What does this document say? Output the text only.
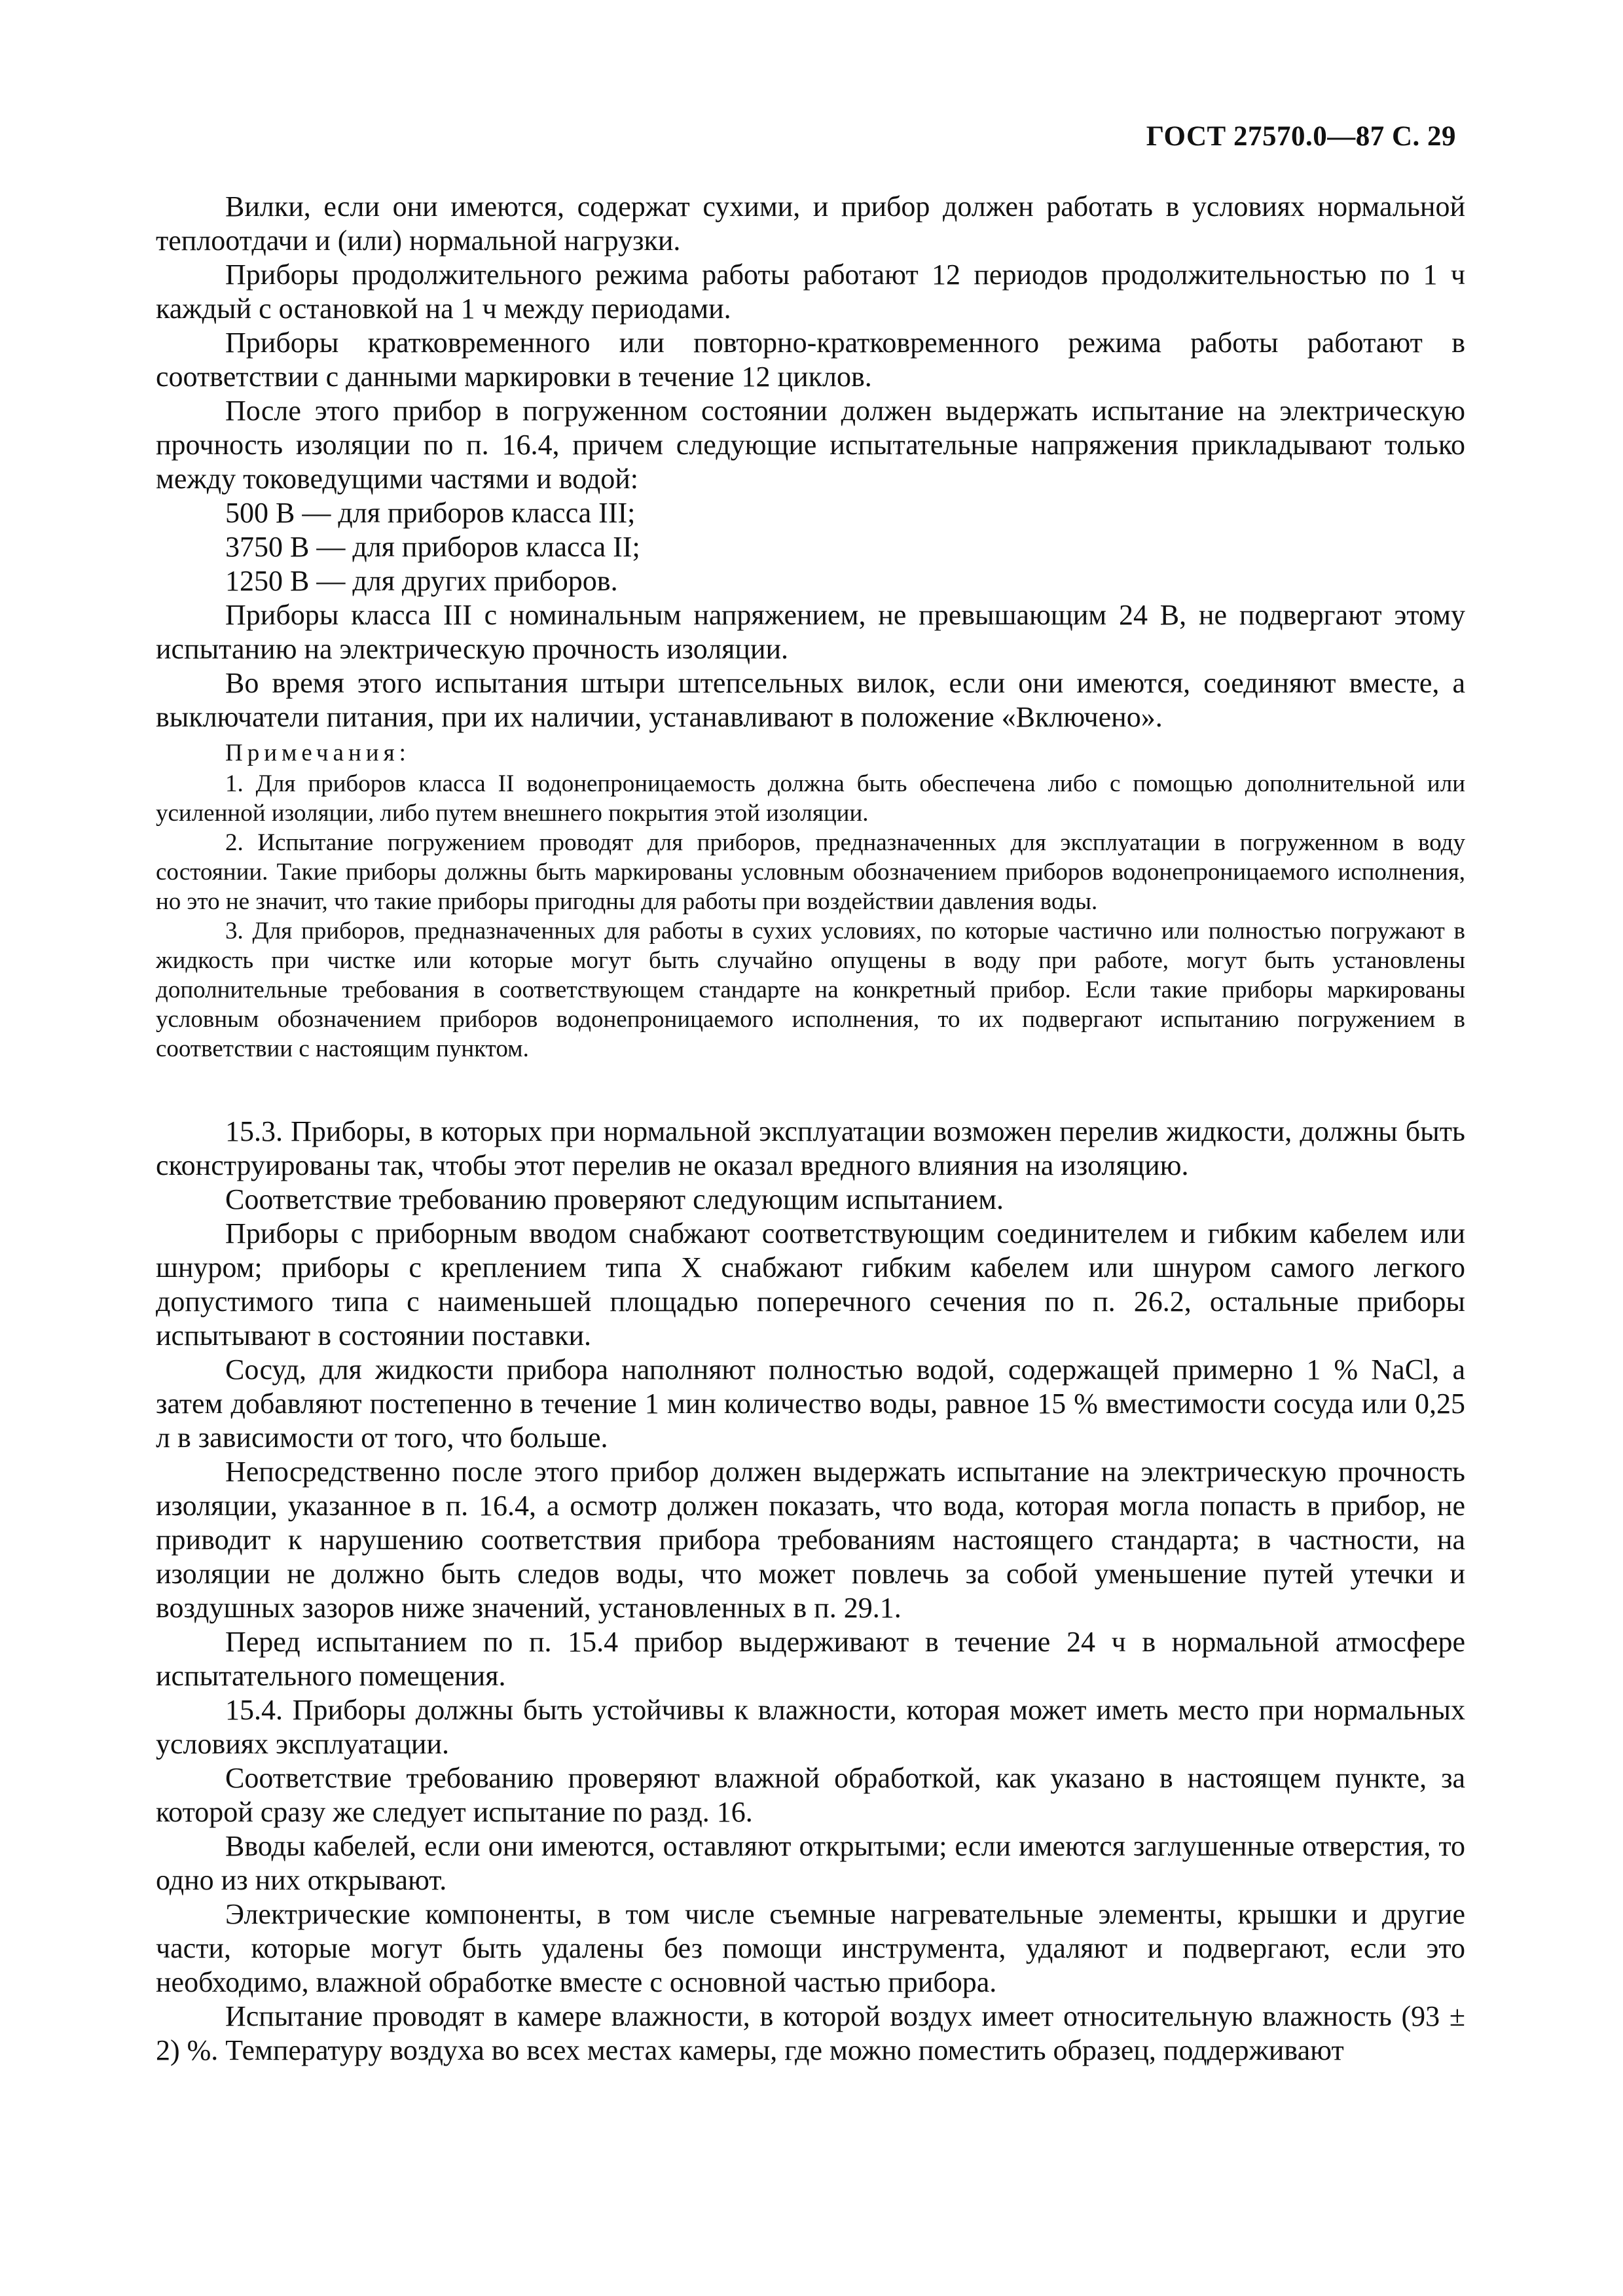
ГОСТ 27570.0—87 С. 29

Вилки, если они имеются, содержат сухими, и прибор должен работать в условиях нормальной теплоотдачи и (или) нормальной нагрузки.

Приборы продолжительного режима работы работают 12 периодов продолжительностью по 1 ч каждый с остановкой на 1 ч между периодами.

Приборы кратковременного или повторно-кратковременного режима работы работают в соответствии с данными маркировки в течение 12 циклов.

После этого прибор в погруженном состоянии должен выдержать испытание на электрическую прочность изоляции по п. 16.4, причем следующие испытательные напряжения прикладывают только между токоведущими частями и водой:

500 В — для приборов класса III;

3750 В — для приборов класса II;

1250 В — для других приборов.

Приборы класса III с номинальным напряжением, не превышающим 24 В, не подвергают этому испытанию на электрическую прочность изоляции.

Во время этого испытания штыри штепсельных вилок, если они имеются, соединяют вместе, а выключатели питания, при их наличии, устанавливают в положение «Включено».

Примечания:

1. Для приборов класса II водонепроницаемость должна быть обеспечена либо с помощью дополнительной или усиленной изоляции, либо путем внешнего покрытия этой изоляции.

2. Испытание погружением проводят для приборов, предназначенных для эксплуатации в погруженном в воду состоянии. Такие приборы должны быть маркированы условным обозначением приборов водонепроницаемого исполнения, но это не значит, что такие приборы пригодны для работы при воздействии давления воды.

3. Для приборов, предназначенных для работы в сухих условиях, по которые частично или полностью погружают в жидкость при чистке или которые могут быть случайно опущены в воду при работе, могут быть установлены дополнительные требования в соответствующем стандарте на конкретный прибор. Если такие приборы маркированы условным обозначением приборов водонепроницаемого исполнения, то их подвергают испытанию погружением в соответствии с настоящим пунктом.

15.3. Приборы, в которых при нормальной эксплуатации возможен перелив жидкости, должны быть сконструированы так, чтобы этот перелив не оказал вредного влияния на изоляцию.

Соответствие требованию проверяют следующим испытанием.

Приборы с приборным вводом снабжают соответствующим соединителем и гибким кабелем или шнуром; приборы с креплением типа X снабжают гибким кабелем или шнуром самого легкого допустимого типа с наименьшей площадью поперечного сечения по п. 26.2, остальные приборы испытывают в состоянии поставки.

Сосуд, для жидкости прибора наполняют полностью водой, содержащей примерно 1 % NaCl, а затем добавляют постепенно в течение 1 мин количество воды, равное 15 % вместимости сосуда или 0,25 л в зависимости от того, что больше.

Непосредственно после этого прибор должен выдержать испытание на электрическую прочность изоляции, указанное в п. 16.4, а осмотр должен показать, что вода, которая могла попасть в прибор, не приводит к нарушению соответствия прибора требованиям настоящего стандарта; в частности, на изоляции не должно быть следов воды, что может повлечь за собой уменьшение путей утечки и воздушных зазоров ниже значений, установленных в п. 29.1.

Перед испытанием по п. 15.4 прибор выдерживают в течение 24 ч в нормальной атмосфере испытательного помещения.

15.4. Приборы должны быть устойчивы к влажности, которая может иметь место при нормальных условиях эксплуатации.

Соответствие требованию проверяют влажной обработкой, как указано в настоящем пункте, за которой сразу же следует испытание по разд. 16.

Вводы кабелей, если они имеются, оставляют открытыми; если имеются заглушенные отверстия, то одно из них открывают.

Электрические компоненты, в том числе съемные нагревательные элементы, крышки и другие части, которые могут быть удалены без помощи инструмента, удаляют и подвергают, если это необходимо, влажной обработке вместе с основной частью прибора.

Испытание проводят в камере влажности, в которой воздух имеет относительную влажность (93 ± 2) %. Температуру воздуха во всех местах камеры, где можно поместить образец, поддерживают
